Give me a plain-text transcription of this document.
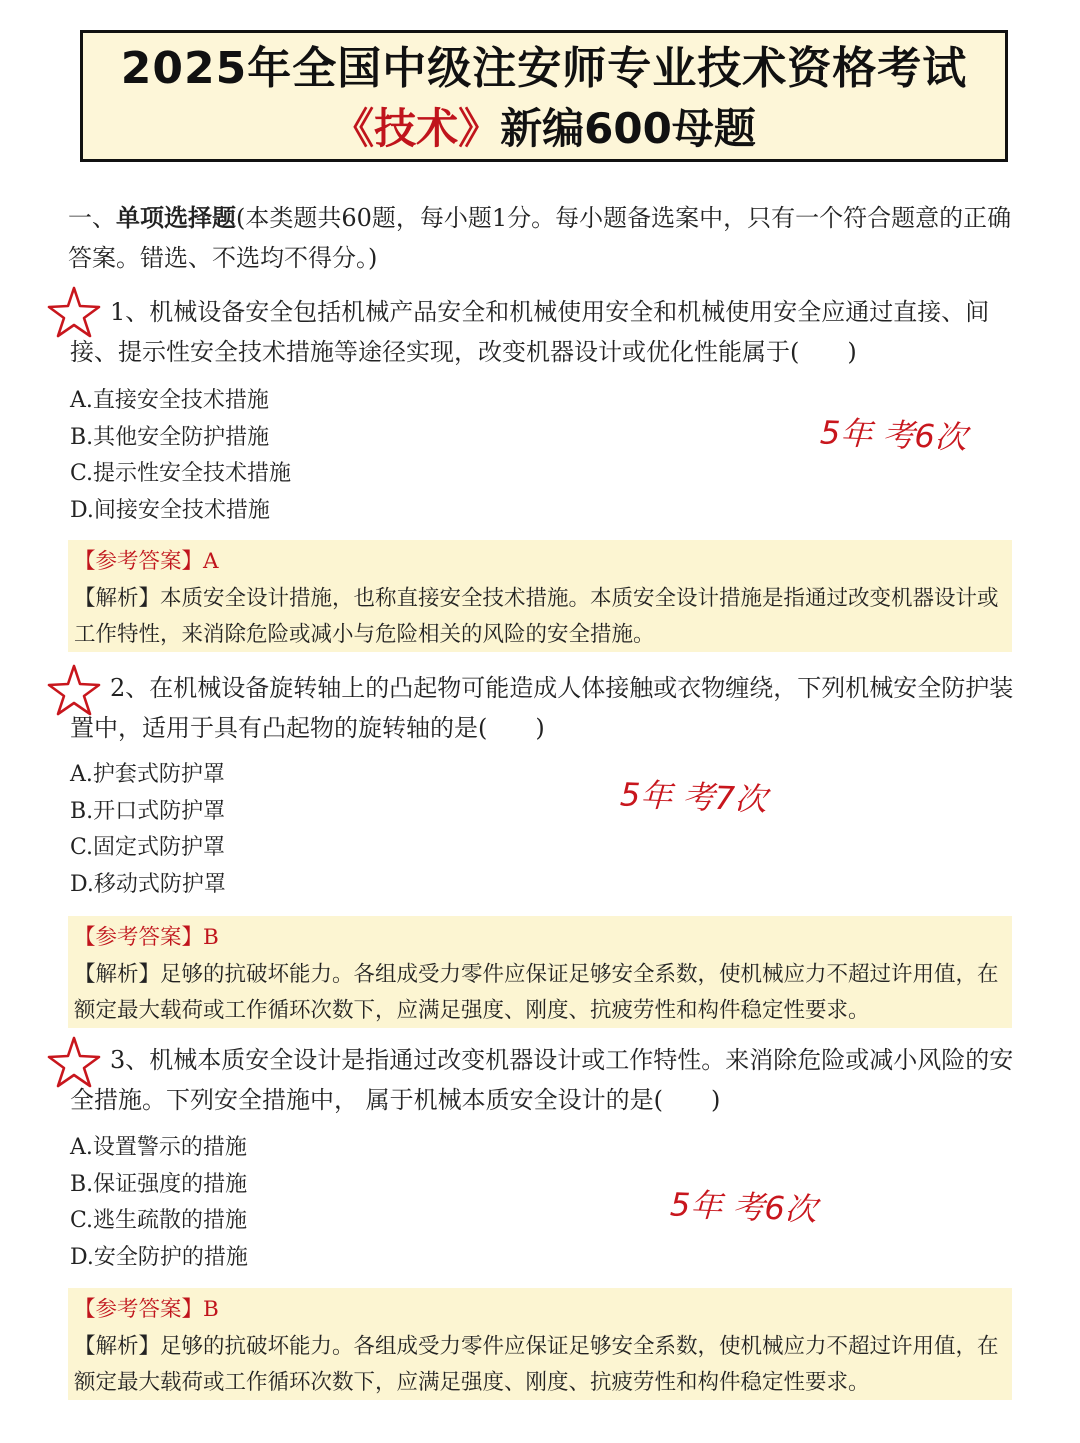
2025年全国中级注安师专业技术资格考试
《技术》新编600母题
一、单项选择题(本类题共60题，每小题1分。每小题备选案中，只有一个符合题意的正确答案。错选、不选均不得分。)
1、机械设备安全包括机械产品安全和机械使用安全和机械使用安全应通过直接、间接、提示性安全技术措施等途径实现，改变机器设计或优化性能属于(　　)
A.直接安全技术措施
B.其他安全防护措施
C.提示性安全技术措施
D.间接安全技术措施
5年 考6次
【参考答案】A
【解析】本质安全设计措施，也称直接安全技术措施。本质安全设计措施是指通过改变机器设计或工作特性，来消除危险或减小与危险相关的风险的安全措施。
2、在机械设备旋转轴上的凸起物可能造成人体接触或衣物缠绕，下列机械安全防护装置中，适用于具有凸起物的旋转轴的是(　　)
A.护套式防护罩
B.开口式防护罩
C.固定式防护罩
D.移动式防护罩
5年 考7次
【参考答案】B
【解析】足够的抗破坏能力。各组成受力零件应保证足够安全系数，使机械应力不超过许用值，在额定最大载荷或工作循环次数下，应满足强度、刚度、抗疲劳性和构件稳定性要求。
3、机械本质安全设计是指通过改变机器设计或工作特性。来消除危险或减小风险的安全措施。下列安全措施中， 属于机械本质安全设计的是(　　)
A.设置警示的措施
B.保证强度的措施
C.逃生疏散的措施
D.安全防护的措施
5年 考6次
【参考答案】B
【解析】足够的抗破坏能力。各组成受力零件应保证足够安全系数，使机械应力不超过许用值，在额定最大载荷或工作循环次数下，应满足强度、刚度、抗疲劳性和构件稳定性要求。
